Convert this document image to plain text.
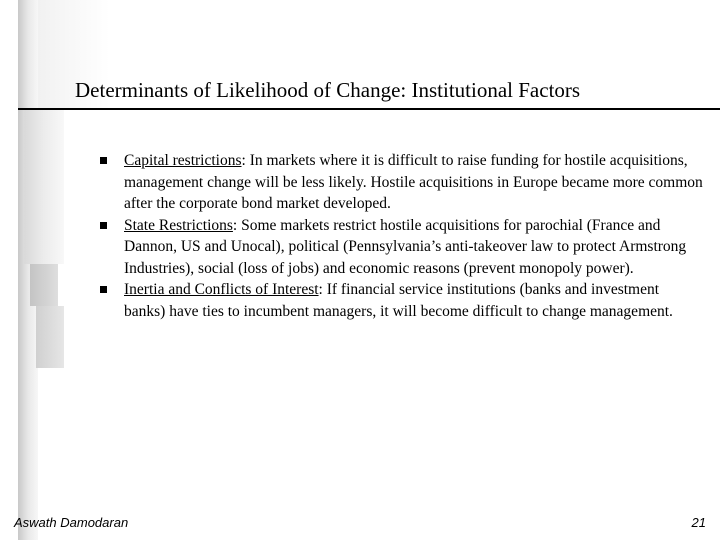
Determinants of Likelihood of Change: Institutional Factors
Capital restrictions: In markets where it is difficult to raise funding for hostile acquisitions, management change will be less likely. Hostile acquisitions in Europe became more common after the corporate bond market developed.
State Restrictions: Some markets restrict hostile acquisitions for parochial (France and Dannon, US and Unocal), political (Pennsylvania’s anti-takeover law to protect Armstrong Industries), social (loss of jobs) and economic reasons (prevent monopoly power).
Inertia and Conflicts of Interest: If financial service institutions (banks and investment banks) have ties to incumbent managers, it will become difficult to change management.
Aswath Damodaran	21
